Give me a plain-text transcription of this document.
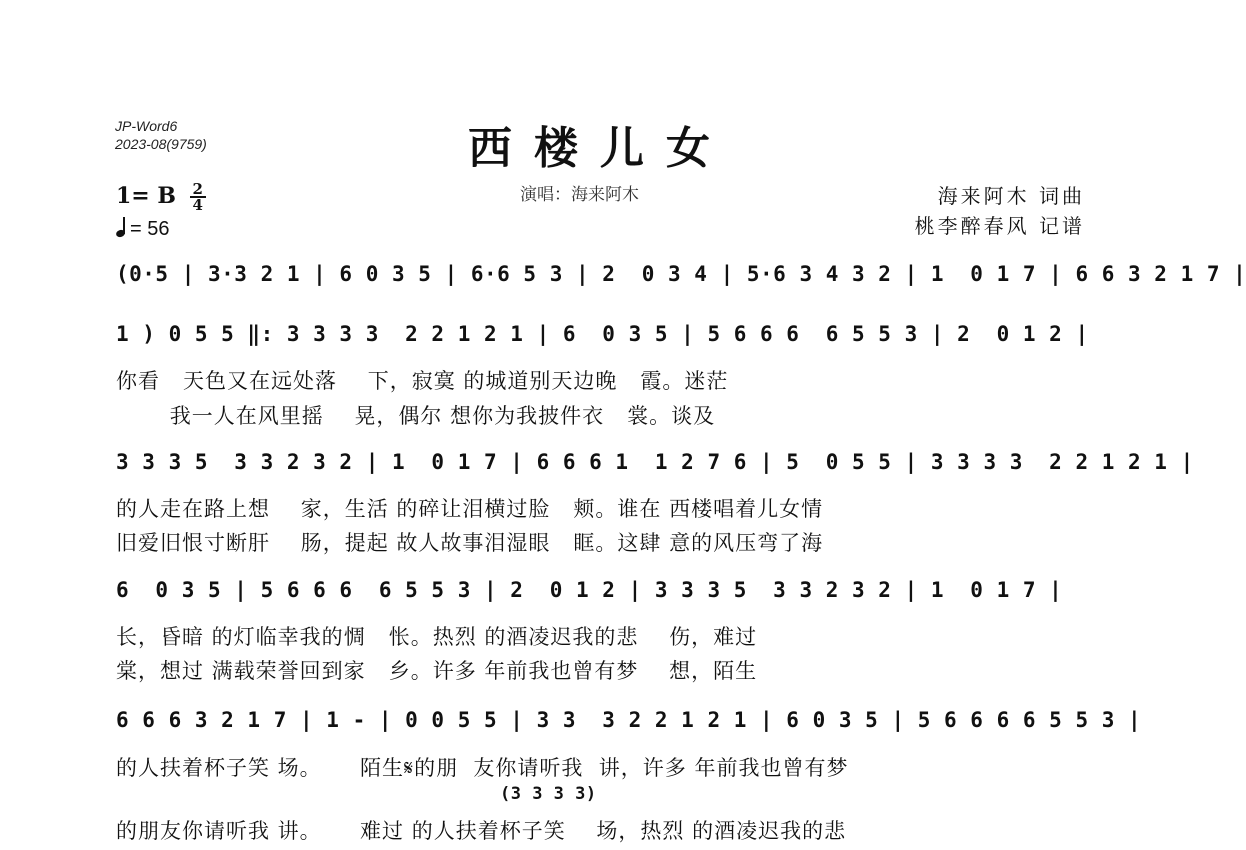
JP-Word6
2023-08(9759)	西楼儿女
演唱：海来阿木	海来阿木 词曲
桃李醉春风 记谱
1= B $\frac{2}{4}$
= 56
(0·5 | 3·3 2 1 | 6 0 3 5 | 6·6 5 3 | 2  0 3 4 | 5·6 3 4 3 2 | 1  0 1 7 | 6 6 3 2 1 7 |
1 ) 0 5 5 ‖: 3 3 3 3  2 2 1 2 1 | 6  0 3 5 | 5 6 6 6  6 5 5 3 | 2  0 1 2 |
你看   天色又在远处落    下，寂寞 的城道别天边晚   霞。迷茫
我一人在风里摇    晃，偶尔 想你为我披件衣   裳。谈及
3 3 3 5  3 3 2 3 2 | 1  0 1 7 | 6 6 6 1  1 2 7 6 | 5  0 5 5 | 3 3 3 3  2 2 1 2 1 |
的人走在路上想    家，生活 的碎让泪横过脸   颊。谁在 西楼唱着儿女情
旧爱旧恨寸断肝    肠，提起 故人故事泪湿眼   眶。这肆 意的风压弯了海
6  0 3 5 | 5 6 6 6  6 5 5 3 | 2  0 1 2 | 3 3 3 5  3 3 2 3 2 | 1  0 1 7 |
长，昏暗 的灯临幸我的惆   怅。热烈 的酒凌迟我的悲    伤，难过
棠，想过 满载荣誉回到家   乡。许多 年前我也曾有梦    想，陌生
6 6 6 3 2 1 7 | 1 - | 0 0 5 5 | 3 3  3 2 2 1 2 1 | 6 0 3 5 | 5 6 6 6 6 5 5 3 |
的人扶着杯子笑 场。     陌生𝄋的朋  友你请听我  讲，许多 年前我也曾有梦
(3 3 3 3)
的朋友你请听我 讲。     难过 的人扶着杯子笑    场，热烈 的酒凌迟我的悲
